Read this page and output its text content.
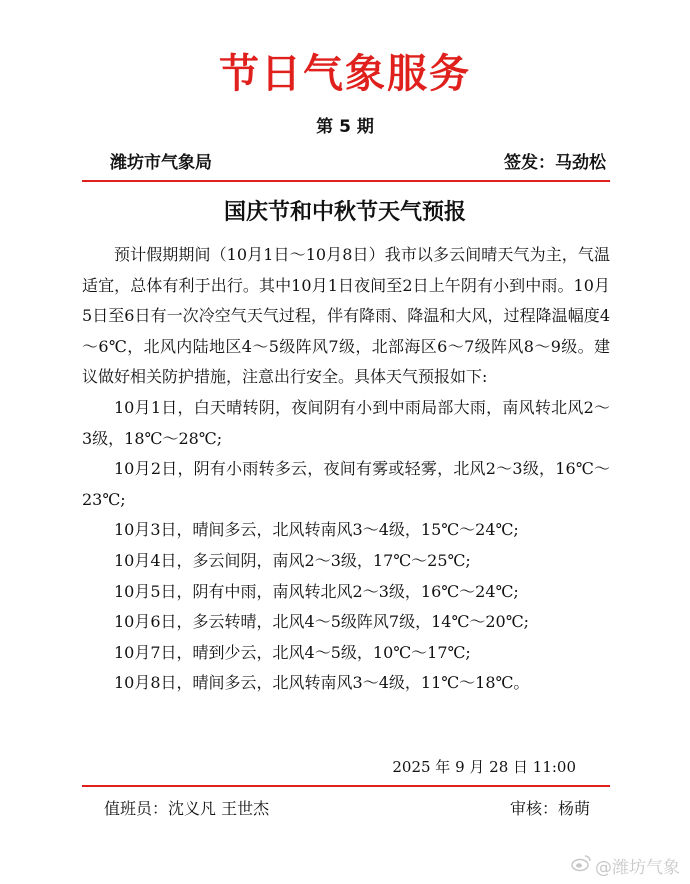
节日气象服务
第 5 期
潍坊市气象局	签发：马劲松
国庆节和中秋节天气预报

预计假期期间（10月1日～10月8日）我市以多云间晴天气为主，气温适宜，总体有利于出行。其中10月1日夜间至2日上午阴有小到中雨。10月5日至6日有一次冷空气天气过程，伴有降雨、降温和大风，过程降温幅度4～6℃，北风内陆地区4～5级阵风7级，北部海区6～7级阵风8～9级。建议做好相关防护措施，注意出行安全。具体天气预报如下:

10月1日，白天晴转阴，夜间阴有小到中雨局部大雨，南风转北风2～3级，18℃～28℃;

10月2日，阴有小雨转多云，夜间有雾或轻雾，北风2～3级，16℃～23℃;

10月3日，晴间多云，北风转南风3～4级，15℃～24℃;

10月4日，多云间阴，南风2～3级，17℃～25℃;

10月5日，阴有中雨，南风转北风2～3级，16℃～24℃;

10月6日，多云转晴，北风4～5级阵风7级，14℃～20℃;

10月7日，晴到少云，北风4～5级，10℃～17℃;

10月8日，晴间多云，北风转南风3～4级，11℃～18℃。

2025 年 9 月 28 日 11:00
值班员：沈义凡 王世杰	审核：杨萌
@潍坊气象
